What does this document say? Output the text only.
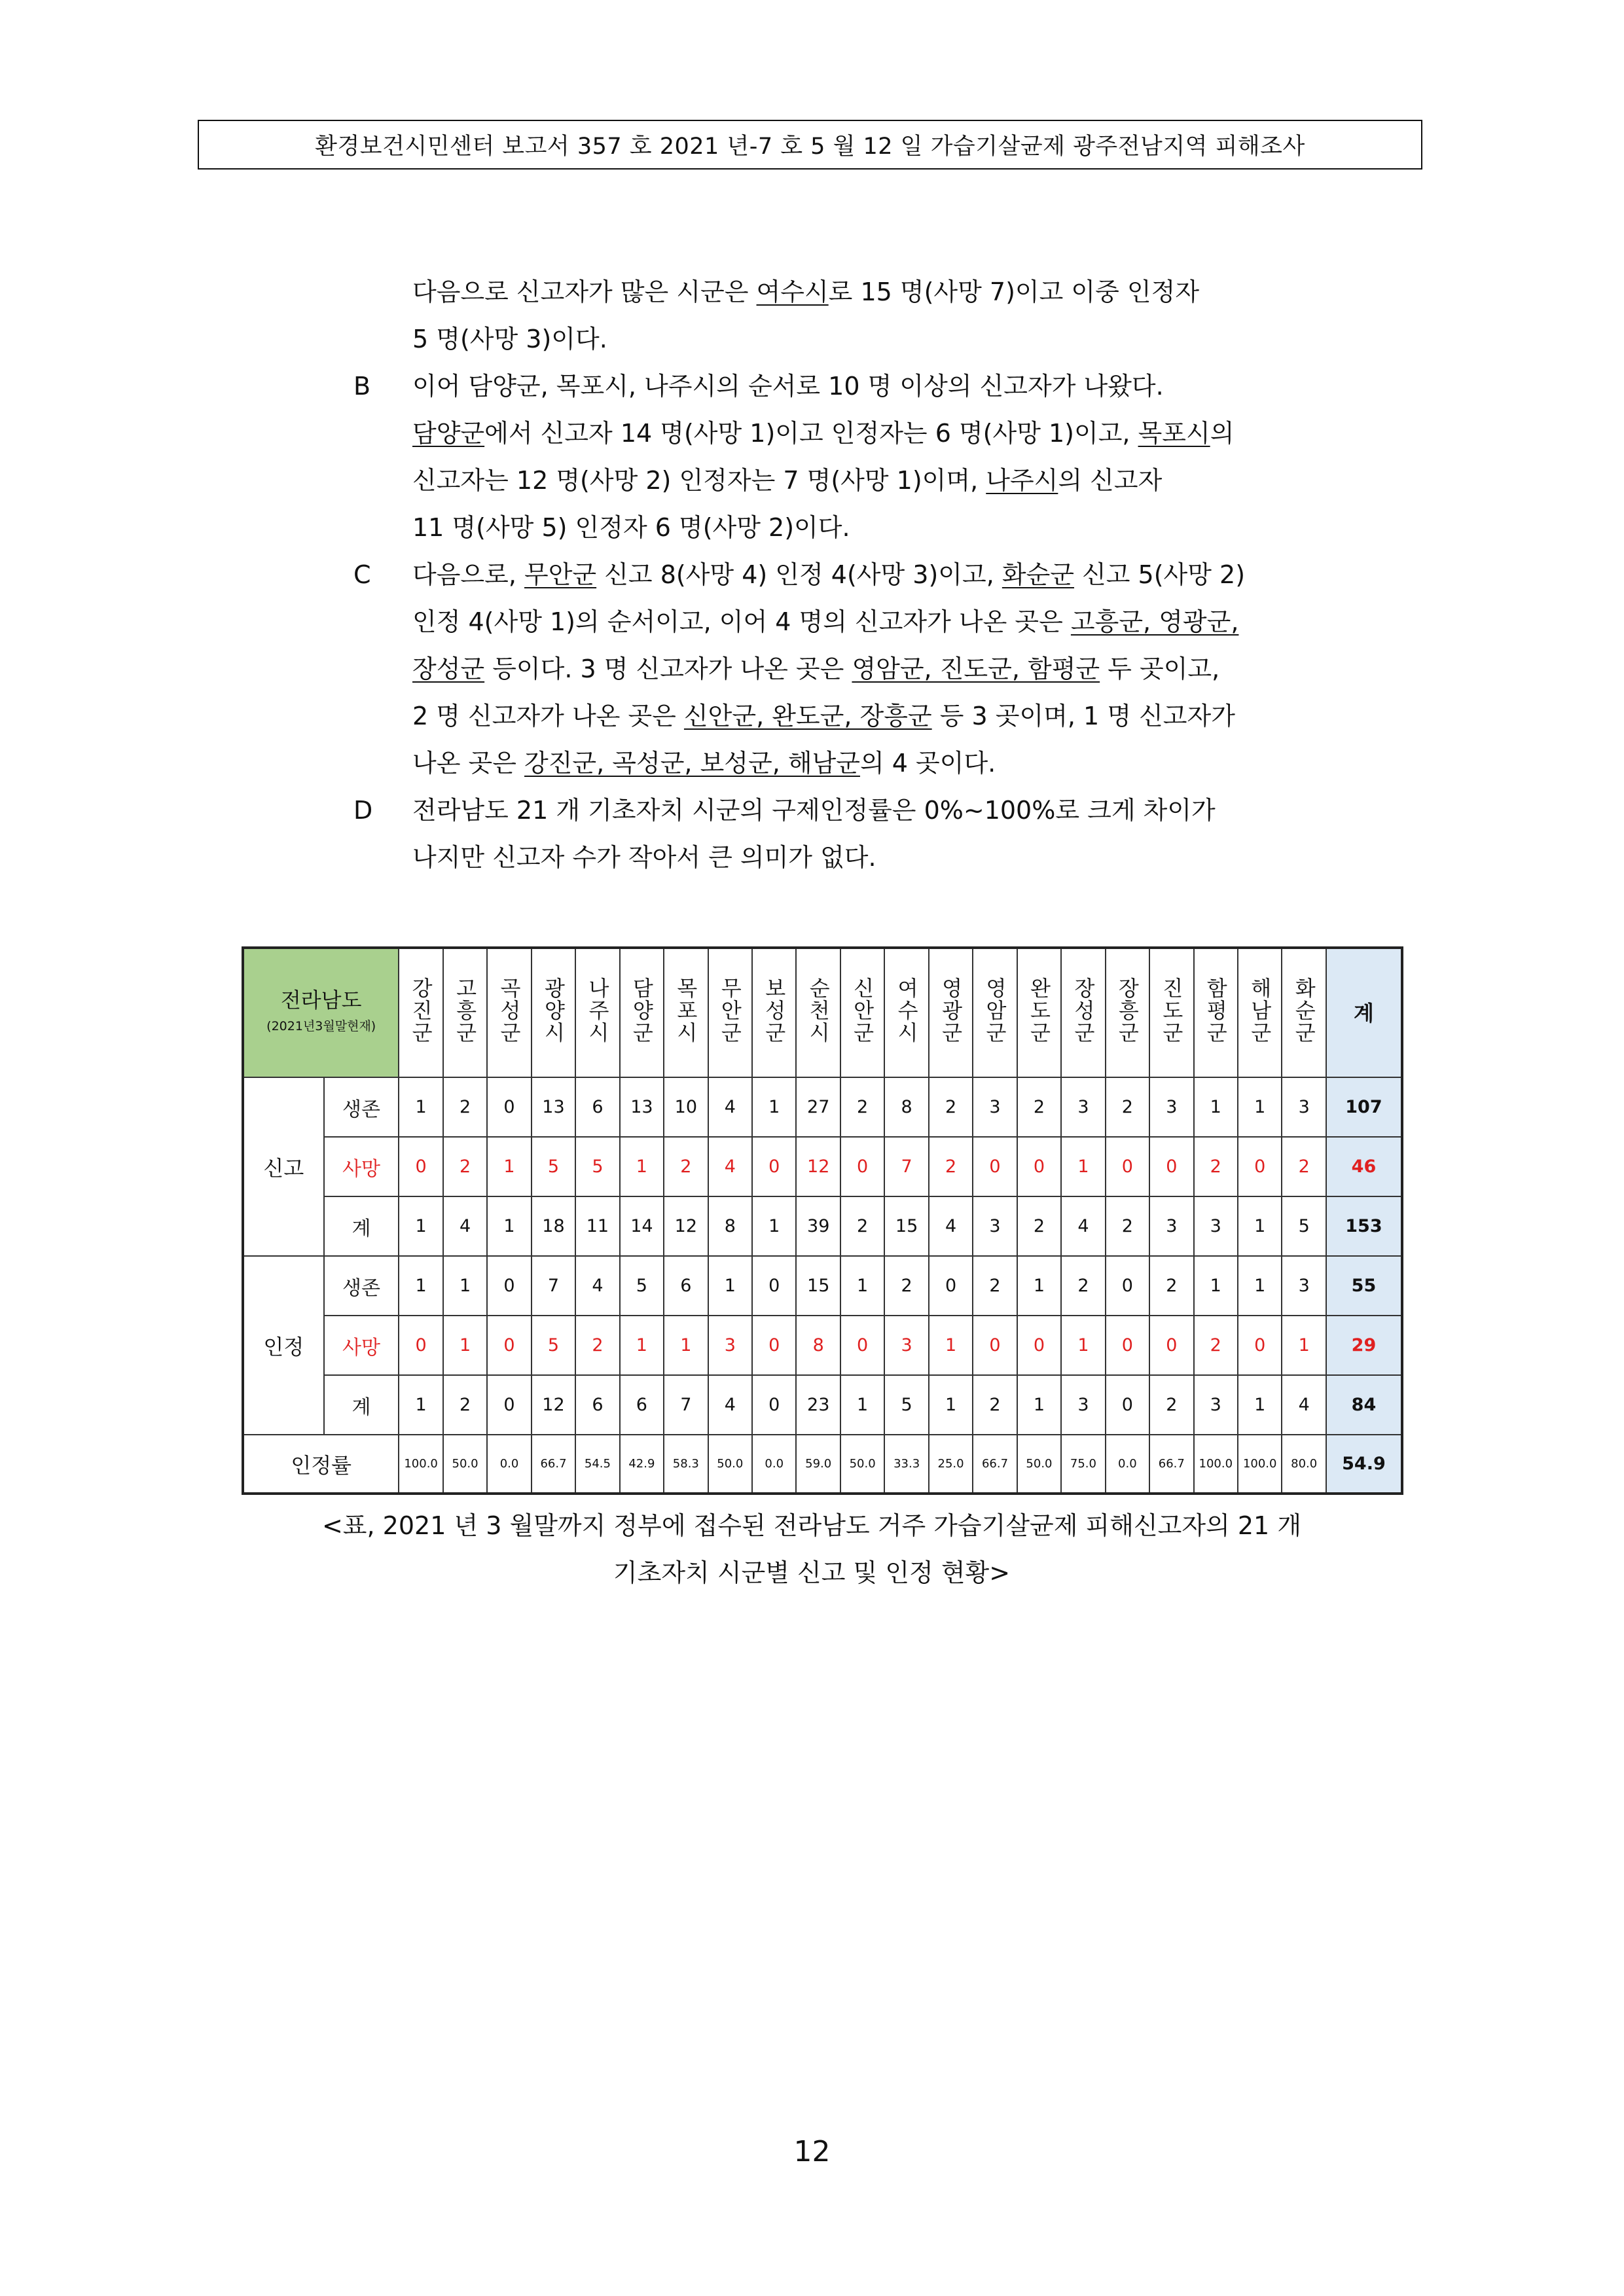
환경보건시민센터 보고서 357 호 2021 년-7 호 5 월 12 일 가습기살균제 광주전남지역 피해조사
다음으로 신고자가 많은 시군은 여수시로 15 명(사망 7)이고 이중 인정자
5 명(사망 3)이다.
B	이어 담양군, 목포시, 나주시의 순서로 10 명 이상의 신고자가 나왔다.
담양군에서 신고자 14 명(사망 1)이고 인정자는 6 명(사망 1)이고, 목포시의
신고자는 12 명(사망 2) 인정자는 7 명(사망 1)이며, 나주시의 신고자
11 명(사망 5) 인정자 6 명(사망 2)이다.
C	다음으로, 무안군 신고 8(사망 4) 인정 4(사망 3)이고, 화순군 신고 5(사망 2)
인정 4(사망 1)의 순서이고, 이어 4 명의 신고자가 나온 곳은 고흥군, 영광군,
장성군 등이다. 3 명 신고자가 나온 곳은 영암군, 진도군, 함평군 두 곳이고,
2 명 신고자가 나온 곳은 신안군, 완도군, 장흥군 등 3 곳이며, 1 명 신고자가
나온 곳은 강진군, 곡성군, 보성군, 해남군의 4 곳이다.
D	전라남도 21 개 기초자치 시군의 구제인정률은 0%~100%로 크게 차이가
나지만 신고자 수가 작아서 큰 의미가 없다.
전라남도
(2021년3월말현재)		강진군	고흥군	곡성군	광양시	나주시	담양군	목포시	무안군	보성군	순천시	신안군	여수시	영광군	영암군	완도군	장성군	장흥군	진도군	함평군	해남군	화순군	계
신고	생존	1	2	0	13	6	13	10	4	1	27	2	8	2	3	2	3	2	3	1	1	3	107
	사망	0	2	1	5	5	1	2	4	0	12	0	7	2	0	0	1	0	0	2	0	2	46
	계	1	4	1	18	11	14	12	8	1	39	2	15	4	3	2	4	2	3	3	1	5	153
인정	생존	1	1	0	7	4	5	6	1	0	15	1	2	0	2	1	2	0	2	1	1	3	55
	사망	0	1	0	5	2	1	1	3	0	8	0	3	1	0	0	1	0	0	2	0	1	29
	계	1	2	0	12	6	6	7	4	0	23	1	5	1	2	1	3	0	2	3	1	4	84
인정률		100.0	50.0	0.0	66.7	54.5	42.9	58.3	50.0	0.0	59.0	50.0	33.3	25.0	66.7	50.0	75.0	0.0	66.7	100.0	100.0	80.0	54.9
<표, 2021 년 3 월말까지 정부에 접수된 전라남도 거주 가습기살균제 피해신고자의 21 개
기초자치 시군별 신고 및 인정 현황>
12
